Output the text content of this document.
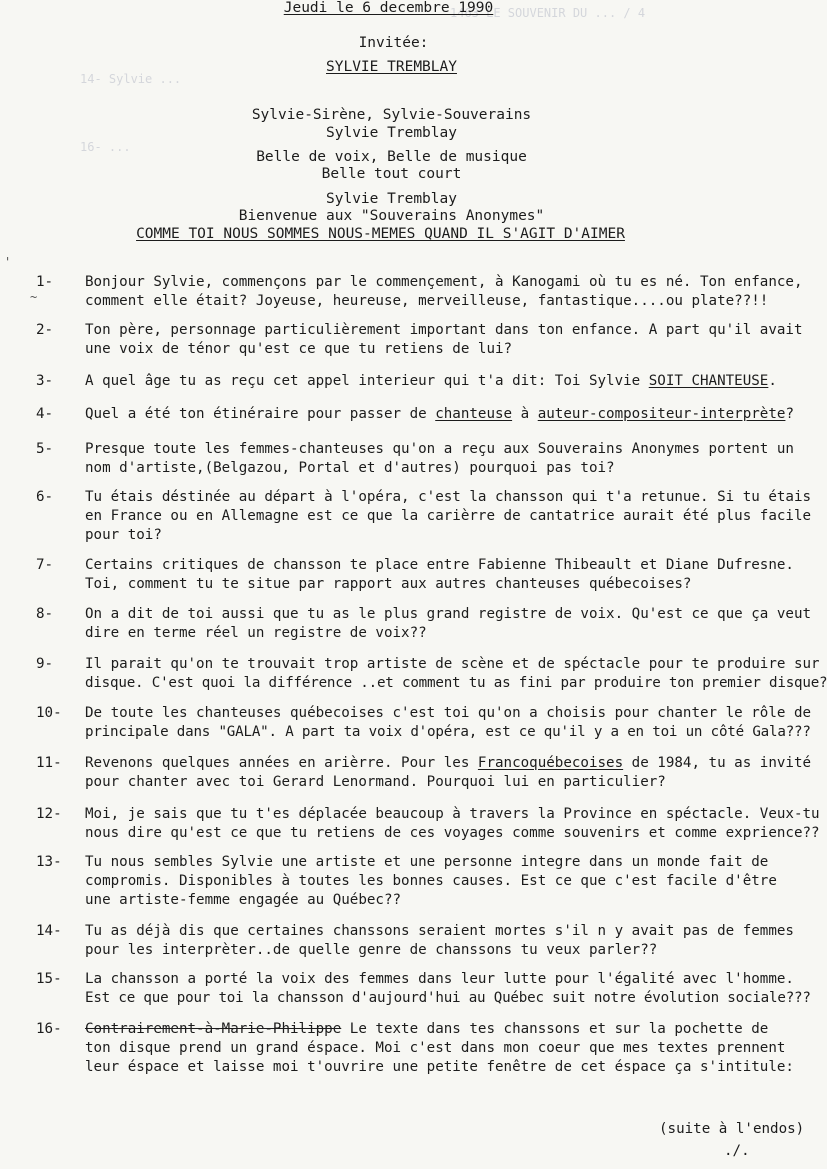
1463 LE SOUVENIR DU ... / 4
14- Sylvie ...
16- ...
Jeudi le 6 decembre 1990
Invitée:
SYLVIE TREMBLAY
Sylvie-Sirène, Sylvie-Souverains
Sylvie Tremblay
Belle de voix, Belle de musique
Belle tout court
Sylvie Tremblay
Bienvenue aux "Souverains Anonymes"
COMME TOI NOUS SOMMES NOUS-MEMES QUAND IL S'AGIT D'AIMER
'
~
1-	Bonjour Sylvie, commençons par le commençement, à Kanogami où tu es né. Ton enfance,
comment elle était? Joyeuse, heureuse, merveilleuse, fantastique....ou plate??!!
2-	Ton père, personnage particulièrement important dans ton enfance. A part qu'il avait
une voix de ténor qu'est ce que tu retiens de lui?
3-	A quel âge tu as reçu cet appel interieur qui t'a dit: Toi Sylvie SOIT CHANTEUSE.
4-	Quel a été ton étinéraire pour passer de chanteuse à auteur-compositeur-interprète?
5-	Presque toute les femmes-chanteuses qu'on a reçu aux Souverains Anonymes portent un
nom d'artiste,(Belgazou, Portal et d'autres) pourquoi pas toi?
6-	Tu étais déstinée au départ à l'opéra, c'est la chansson qui t'a retunue. Si tu étais
en France ou en Allemagne est ce que la carièrre de cantatrice aurait été plus facile
pour toi?
7-	Certains critiques de chansson te place entre Fabienne Thibeault et Diane Dufresne.
Toi, comment tu te situe par rapport aux autres chanteuses québecoises?
8-	On a dit de toi aussi que tu as le plus grand registre de voix. Qu'est ce que ça veut
dire en terme réel un registre de voix??
9-	Il parait qu'on te trouvait trop artiste de scène et de spéctacle pour te produire sur
disque. C'est quoi la différence ..et comment tu as fini par produire ton premier disque?
10-	De toute les chanteuses québecoises c'est toi qu'on a choisis pour chanter le rôle de
principale dans "GALA". A part ta voix d'opéra, est ce qu'il y a en toi un côté Gala???
11-	Revenons quelques années en arièrre. Pour les Francoquébecoises de 1984, tu as invité
pour chanter avec toi Gerard Lenormand. Pourquoi lui en particulier?
12-	Moi, je sais que tu t'es déplacée beaucoup à travers la Province en spéctacle. Veux-tu
nous dire qu'est ce que tu retiens de ces voyages comme souvenirs et comme exprience??
13-	Tu nous sembles Sylvie une artiste et une personne integre dans un monde fait de
compromis. Disponibles à toutes les bonnes causes. Est ce que c'est facile d'être
une artiste-femme engagée au Québec??
14-	Tu as déjà dis que certaines chanssons seraient mortes s'il n y avait pas de femmes
pour les interprèter..de quelle genre de chanssons tu veux parler??
15-	La chansson a porté la voix des femmes dans leur lutte pour l'égalité avec l'homme.
Est ce que pour toi la chansson d'aujourd'hui au Québec suit notre évolution sociale???
16-	Contrairement-à-Marie-Philippe Le texte dans tes chanssons et sur la pochette de
ton disque prend un grand éspace. Moi c'est dans mon coeur que mes textes prennent
leur éspace et laisse moi t'ouvrire une petite fenêtre de cet éspace ça s'intitule:
(suite à l'endos)
./.
